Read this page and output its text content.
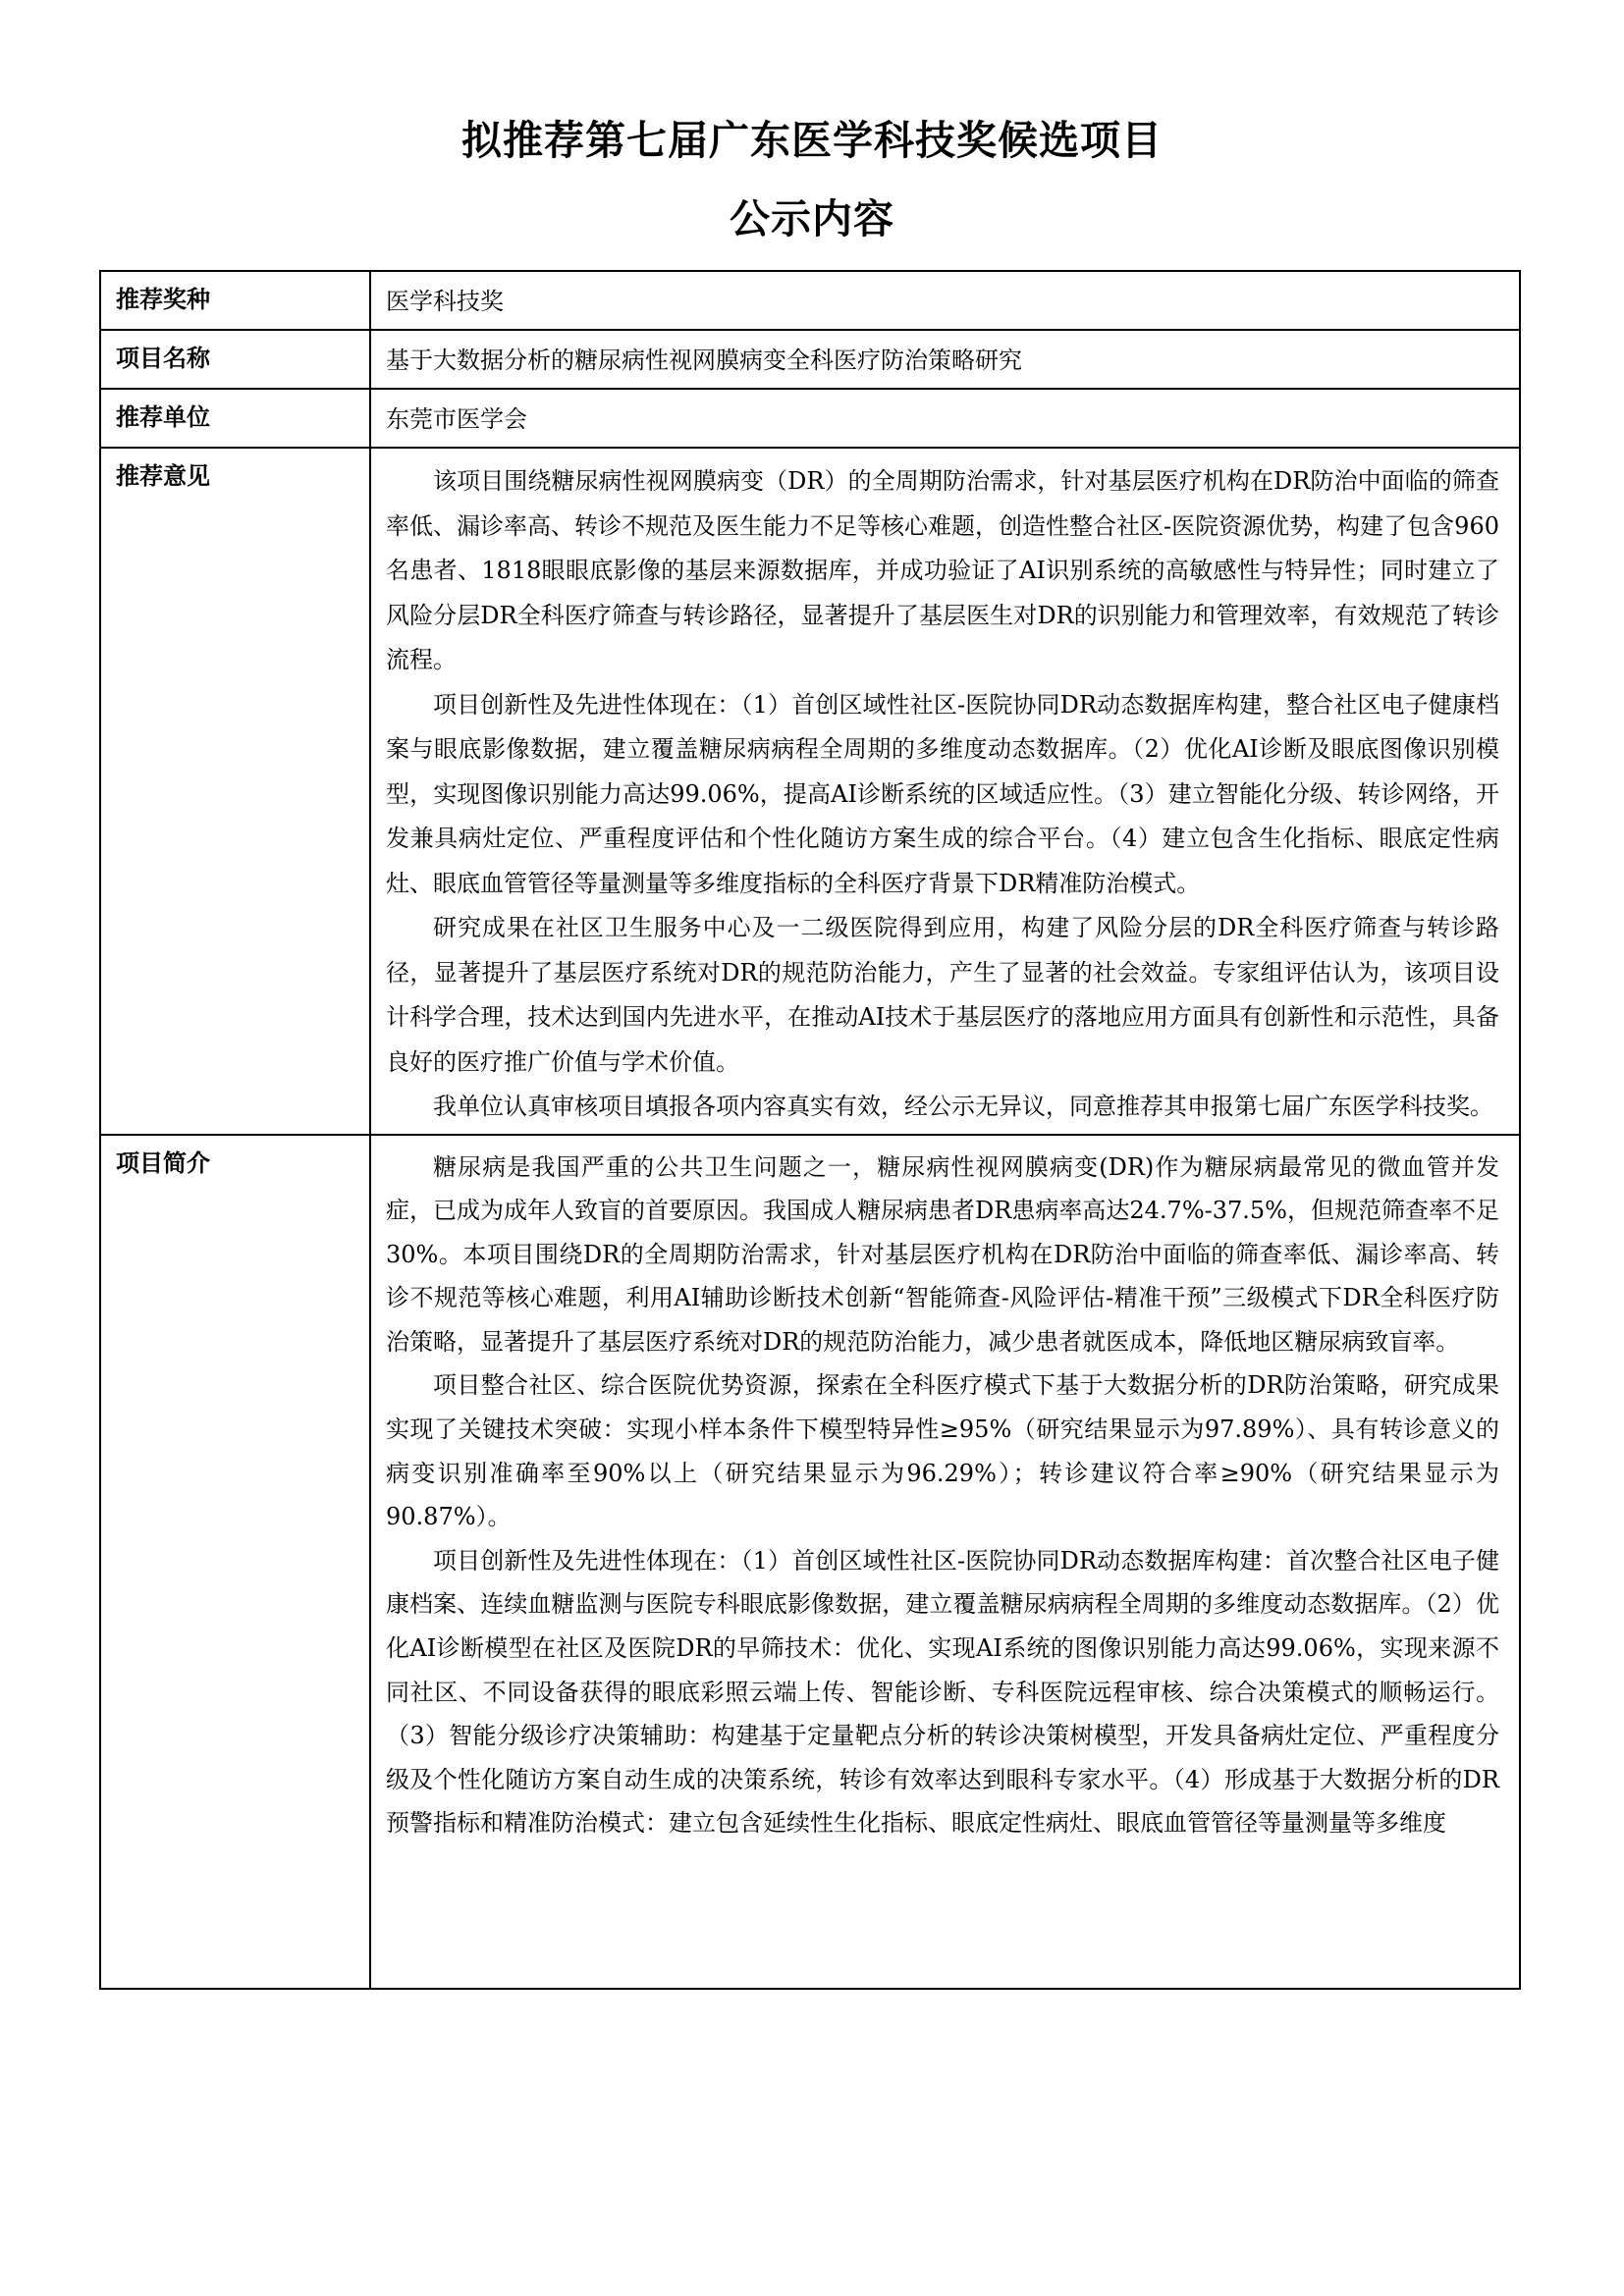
拟推荐第七届广东医学科技奖候选项目
公示内容
推荐奖种	医学科技奖
项目名称	基于大数据分析的糖尿病性视网膜病变全科医疗防治策略研究
推荐单位	东莞市医学会
推荐意见	该项目围绕糖尿病性视网膜病变（DR）的全周期防治需求，针对基层医疗机构在DR防治中面临的筛查率低、漏诊率高、转诊不规范及医生能力不足等核心难题，创造性整合社区-医院资源优势，构建了包含960名患者、1818眼眼底影像的基层来源数据库，并成功验证了AI识别系统的高敏感性与特异性；同时建立了风险分层DR全科医疗筛查与转诊路径，显著提升了基层医生对DR的识别能力和管理效率，有效规范了转诊流程。

项目创新性及先进性体现在：（1）首创区域性社区-医院协同DR动态数据库构建，整合社区电子健康档案与眼底影像数据，建立覆盖糖尿病病程全周期的多维度动态数据库。（2）优化AI诊断及眼底图像识别模型，实现图像识别能力高达99.06%，提高AI诊断系统的区域适应性。（3）建立智能化分级、转诊网络，开发兼具病灶定位、严重程度评估和个性化随访方案生成的综合平台。（4）建立包含生化指标、眼底定性病灶、眼底血管管径等量测量等多维度指标的全科医疗背景下DR精准防治模式。

研究成果在社区卫生服务中心及一二级医院得到应用，构建了风险分层的DR全科医疗筛查与转诊路径，显著提升了基层医疗系统对DR的规范防治能力，产生了显著的社会效益。专家组评估认为，该项目设计科学合理，技术达到国内先进水平，在推动AI技术于基层医疗的落地应用方面具有创新性和示范性，具备良好的医疗推广价值与学术价值。

我单位认真审核项目填报各项内容真实有效，经公示无异议，同意推荐其申报第七届广东医学科技奖。

项目简介	糖尿病是我国严重的公共卫生问题之一，糖尿病性视网膜病变(DR)作为糖尿病最常见的微血管并发症，已成为成年人致盲的首要原因。我国成人糖尿病患者DR患病率高达24.7%-37.5%，但规范筛查率不足30%。本项目围绕DR的全周期防治需求，针对基层医疗机构在DR防治中面临的筛查率低、漏诊率高、转诊不规范等核心难题，利用AI辅助诊断技术创新“智能筛查-风险评估-精准干预”三级模式下DR全科医疗防治策略，显著提升了基层医疗系统对DR的规范防治能力，减少患者就医成本，降低地区糖尿病致盲率。

项目整合社区、综合医院优势资源，探索在全科医疗模式下基于大数据分析的DR防治策略，研究成果实现了关键技术突破：实现小样本条件下模型特异性≥95%（研究结果显示为97.89%）、具有转诊意义的病变识别准确率至90%以上（研究结果显示为96.29%）；转诊建议符合率≥90%（研究结果显示为90.87%）。

项目创新性及先进性体现在：（1）首创区域性社区-医院协同DR动态数据库构建：首次整合社区电子健康档案、连续血糖监测与医院专科眼底影像数据，建立覆盖糖尿病病程全周期的多维度动态数据库。（2）优化AI诊断模型在社区及医院DR的早筛技术：优化、实现AI系统的图像识别能力高达99.06%，实现来源不同社区、不同设备获得的眼底彩照云端上传、智能诊断、专科医院远程审核、综合决策模式的顺畅运行。（3）智能分级诊疗决策辅助：构建基于定量靶点分析的转诊决策树模型，开发具备病灶定位、严重程度分级及个性化随访方案自动生成的决策系统，转诊有效率达到眼科专家水平。（4）形成基于大数据分析的DR预警指标和精准防治模式：建立包含延续性生化指标、眼底定性病灶、眼底血管管径等量测量等多维度
